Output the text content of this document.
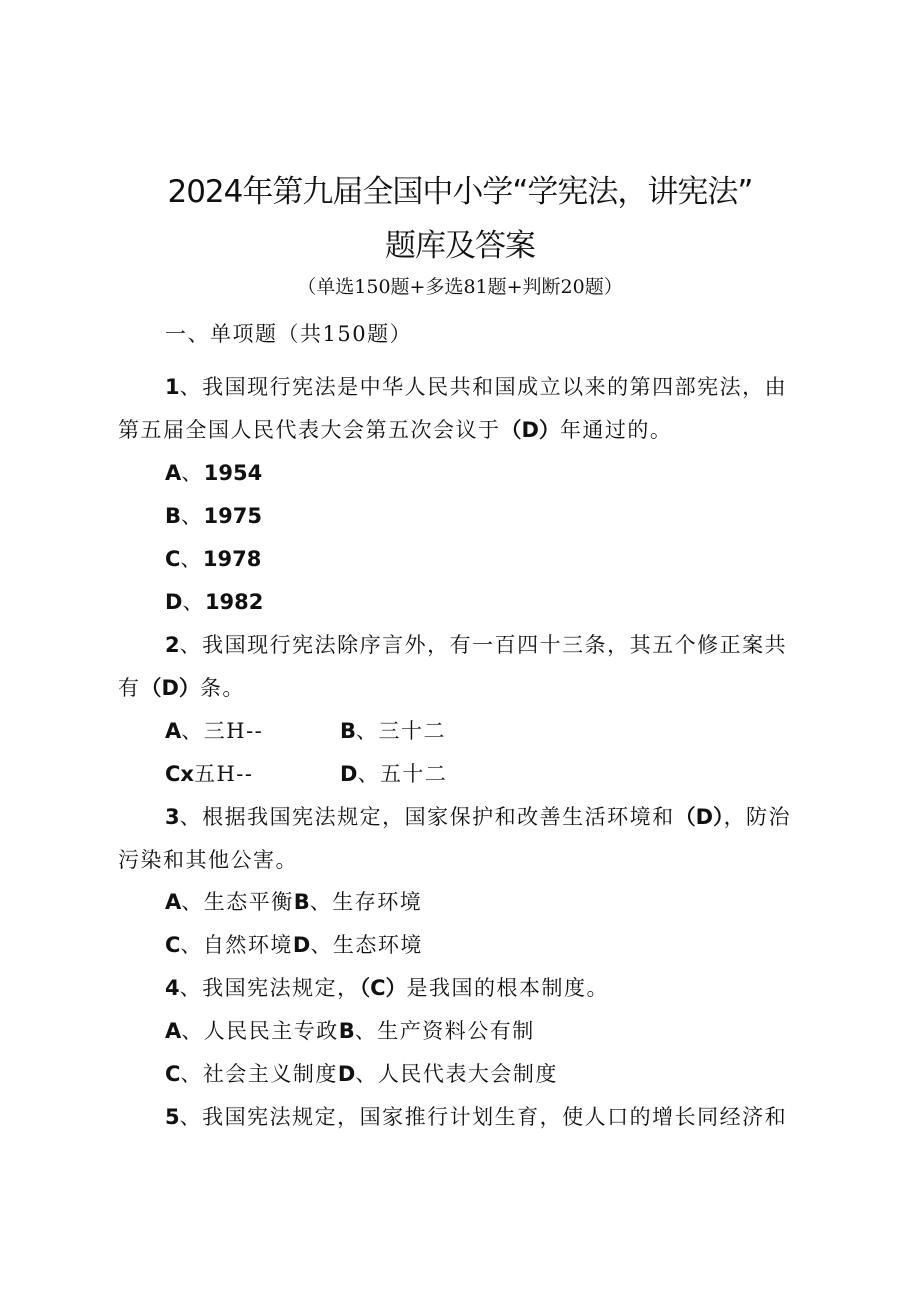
2024年第九届全国中小学“学宪法，讲宪法”
题库及答案
（单选150题+多选81题+判断20题）
一、单项题（共150题）
1、我国现行宪法是中华人民共和国成立以来的第四部宪法，由
第五届全国人民代表大会第五次会议于（D）年通过的。
A、1954
B、1975
C、1978
D、1982
2、我国现行宪法除序言外，有一百四十三条，其五个修正案共
有（D）条。
A、三H--	B、三十二
Cx五H--	D、五十二
3、根据我国宪法规定，国家保护和改善生活环境和（D），防治
污染和其他公害。
A、生态平衡B、生存环境
C、自然环境D、生态环境
4、我国宪法规定，（C）是我国的根本制度。
A、人民民主专政B、生产资料公有制
C、社会主义制度D、人民代表大会制度
5、我国宪法规定，国家推行计划生育，使人口的增长同经济和
